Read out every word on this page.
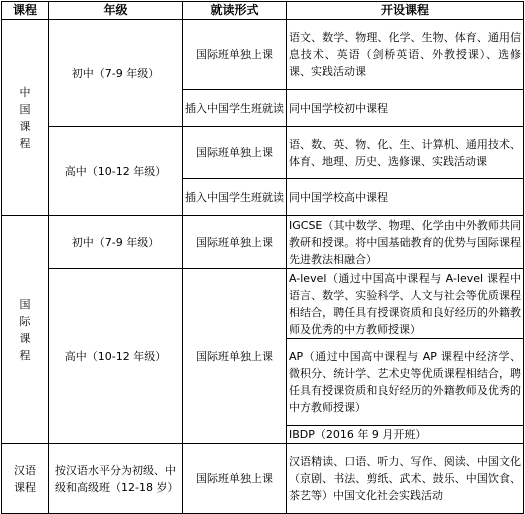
课程	年级	就读形式	开设课程

中
国
课
程	初中（7-9 年级）	国际班单独上课	语文、数学、物理、化学、生物、体育、通用信息技术、英语（剑桥英语、外教授课）、选修课、实践活动课
		插入中国学生班就读	同中国学校初中课程
	高中（10-12 年级）	国际班单独上课	语、数、英、物、化、生、计算机、通用技术、体育、地理、历史、选修课、实践活动课
		插入中国学生班就读	同中国学校高中课程

国
际
课
程	初中（7-9 年级）	国际班单独上课	IGCSE（其中数学、物理、化学由中外教师共同教研和授课。将中国基础教育的优势与国际课程先进教法相融合）
	高中（10-12 年级）	国际班单独上课	A-level（通过中国高中课程与 A-level 课程中语言、数学、实验科学、人文与社会等优质课程相结合，聘任具有授课资质和良好经历的外籍教师及优秀的中方教师授课）
			AP（通过中国高中课程与 AP 课程中经济学、微积分、统计学、艺术史等优质课程相结合，聘任具有授课资质和良好经历的外籍教师及优秀的中方教师授课）
			IBDP（2016 年 9 月开班）

汉语
课程	按汉语水平分为初级、中级和高级班（12-18 岁）	国际班单独上课	汉语精读、口语、听力、写作、阅读、中国文化（京剧、书法、剪纸、武术、鼓乐、中国饮食、茶艺等）中国文化社会实践活动
